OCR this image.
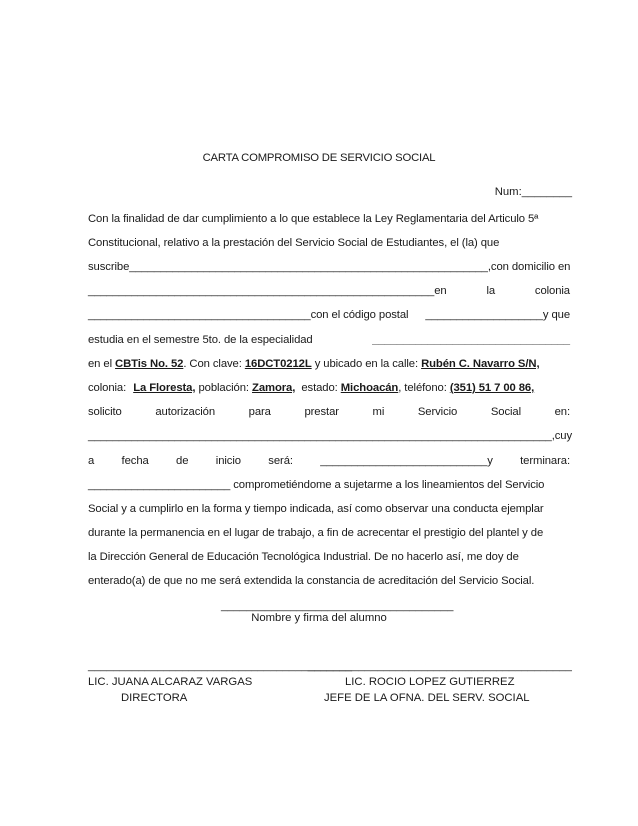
CARTA COMPROMISO DE SERVICIO SOCIAL
Num:________
Con la finalidad de dar cumplimiento a lo que establece la Ley Reglamentaria del Articulo 5ª
Constitucional, relativo a la prestación del Servicio Social de Estudiantes, el (la) que
suscribe__________________________________________________________, con domicilio en
________________________________________________________en	la	colonia
____________________________________con el código postal ___________________y que
estudia en el semestre 5to. de la especialidad	________________________________
en el CBTis No. 52. Con clave: 16DCT0212L y ubicado en la calle: Rubén C. Navarro S/N,
colonia: La Floresta, población: Zamora, estado: Michoacán, teléfono: (351) 51 7 00 86,
solicito	autorización	para	prestar	mi	Servicio	Social	en:
___________________________________________________________________________,cuy
a fecha de inicio será: ___________________________y terminara:
_______________________ comprometiéndome a sujetarme a los lineamientos del Servicio
Social y a cumplirlo en la forma y tiempo indicada, así como observar una conducta ejemplar
durante la permanencia en el lugar de trabajo, a fin de acrecentar el prestigio del plantel y de
la Dirección General de Educación Tecnológica Industrial. De no hacerlo así, me doy de
enterado(a) de que no me será extendida la constancia de acreditación del Servicio Social.
_____________________________________
Nombre y firma del alumno
__________________________________________
__________________________________________
LIC. JUANA ALCARAZ VARGAS
DIRECTORA
LIC. ROCIO LOPEZ GUTIERREZ
JEFE DE LA OFNA. DEL SERV. SOCIAL
